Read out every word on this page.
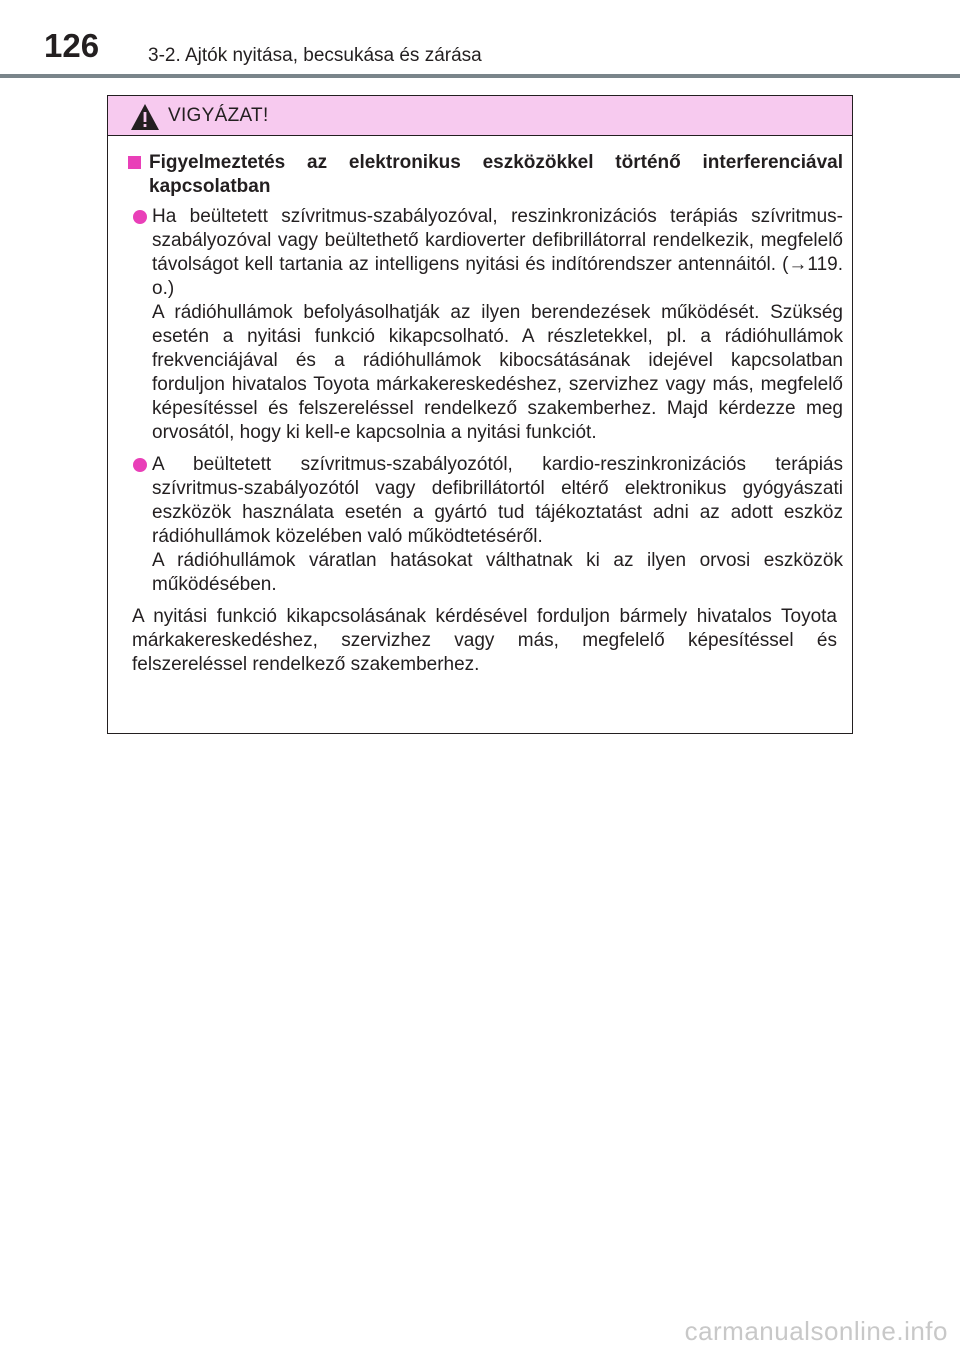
126	3-2. Ajtók nyitása, becsukása és zárása
VIGYÁZAT!
Figyelmeztetés az elektronikus eszközökkel történő interferenciával kapcsolatban

Ha beültetett szívritmus-szabályozóval, reszinkronizációs terápiás szívritmus-szabályozóval vagy beültethető kardioverter defibrillátorral rendelkezik, megfelelő távolságot kell tartania az intelligens nyitási és indítórendszer antennáitól. (→119. o.)

A rádióhullámok befolyásolhatják az ilyen berendezések működését. Szükség esetén a nyitási funkció kikapcsolható. A részletekkel, pl. a rádióhullámok frekvenciájával és a rádióhullámok kibocsátásának idejével kapcsolatban forduljon hivatalos Toyota márkakereskedéshez, szervizhez vagy más, megfelelő képesítéssel és felszereléssel rendelkező szakemberhez. Majd kérdezze meg orvosától, hogy ki kell-e kapcsolnia a nyitási funkciót.

A beültetett szívritmus-szabályozótól, kardio-reszinkronizációs terápiás szívritmus-szabályozótól vagy defibrillátortól eltérő elektronikus gyógyászati eszközök használata esetén a gyártó tud tájékoztatást adni az adott eszköz rádióhullámok közelében való működtetéséről.

A rádióhullámok váratlan hatásokat válthatnak ki az ilyen orvosi eszközök működésében.

A nyitási funkció kikapcsolásának kérdésével forduljon bármely hivatalos Toyota márkakereskedéshez, szervizhez vagy más, megfelelő képesítéssel és felszereléssel rendelkező szakemberhez.

carmanualsonline.info
